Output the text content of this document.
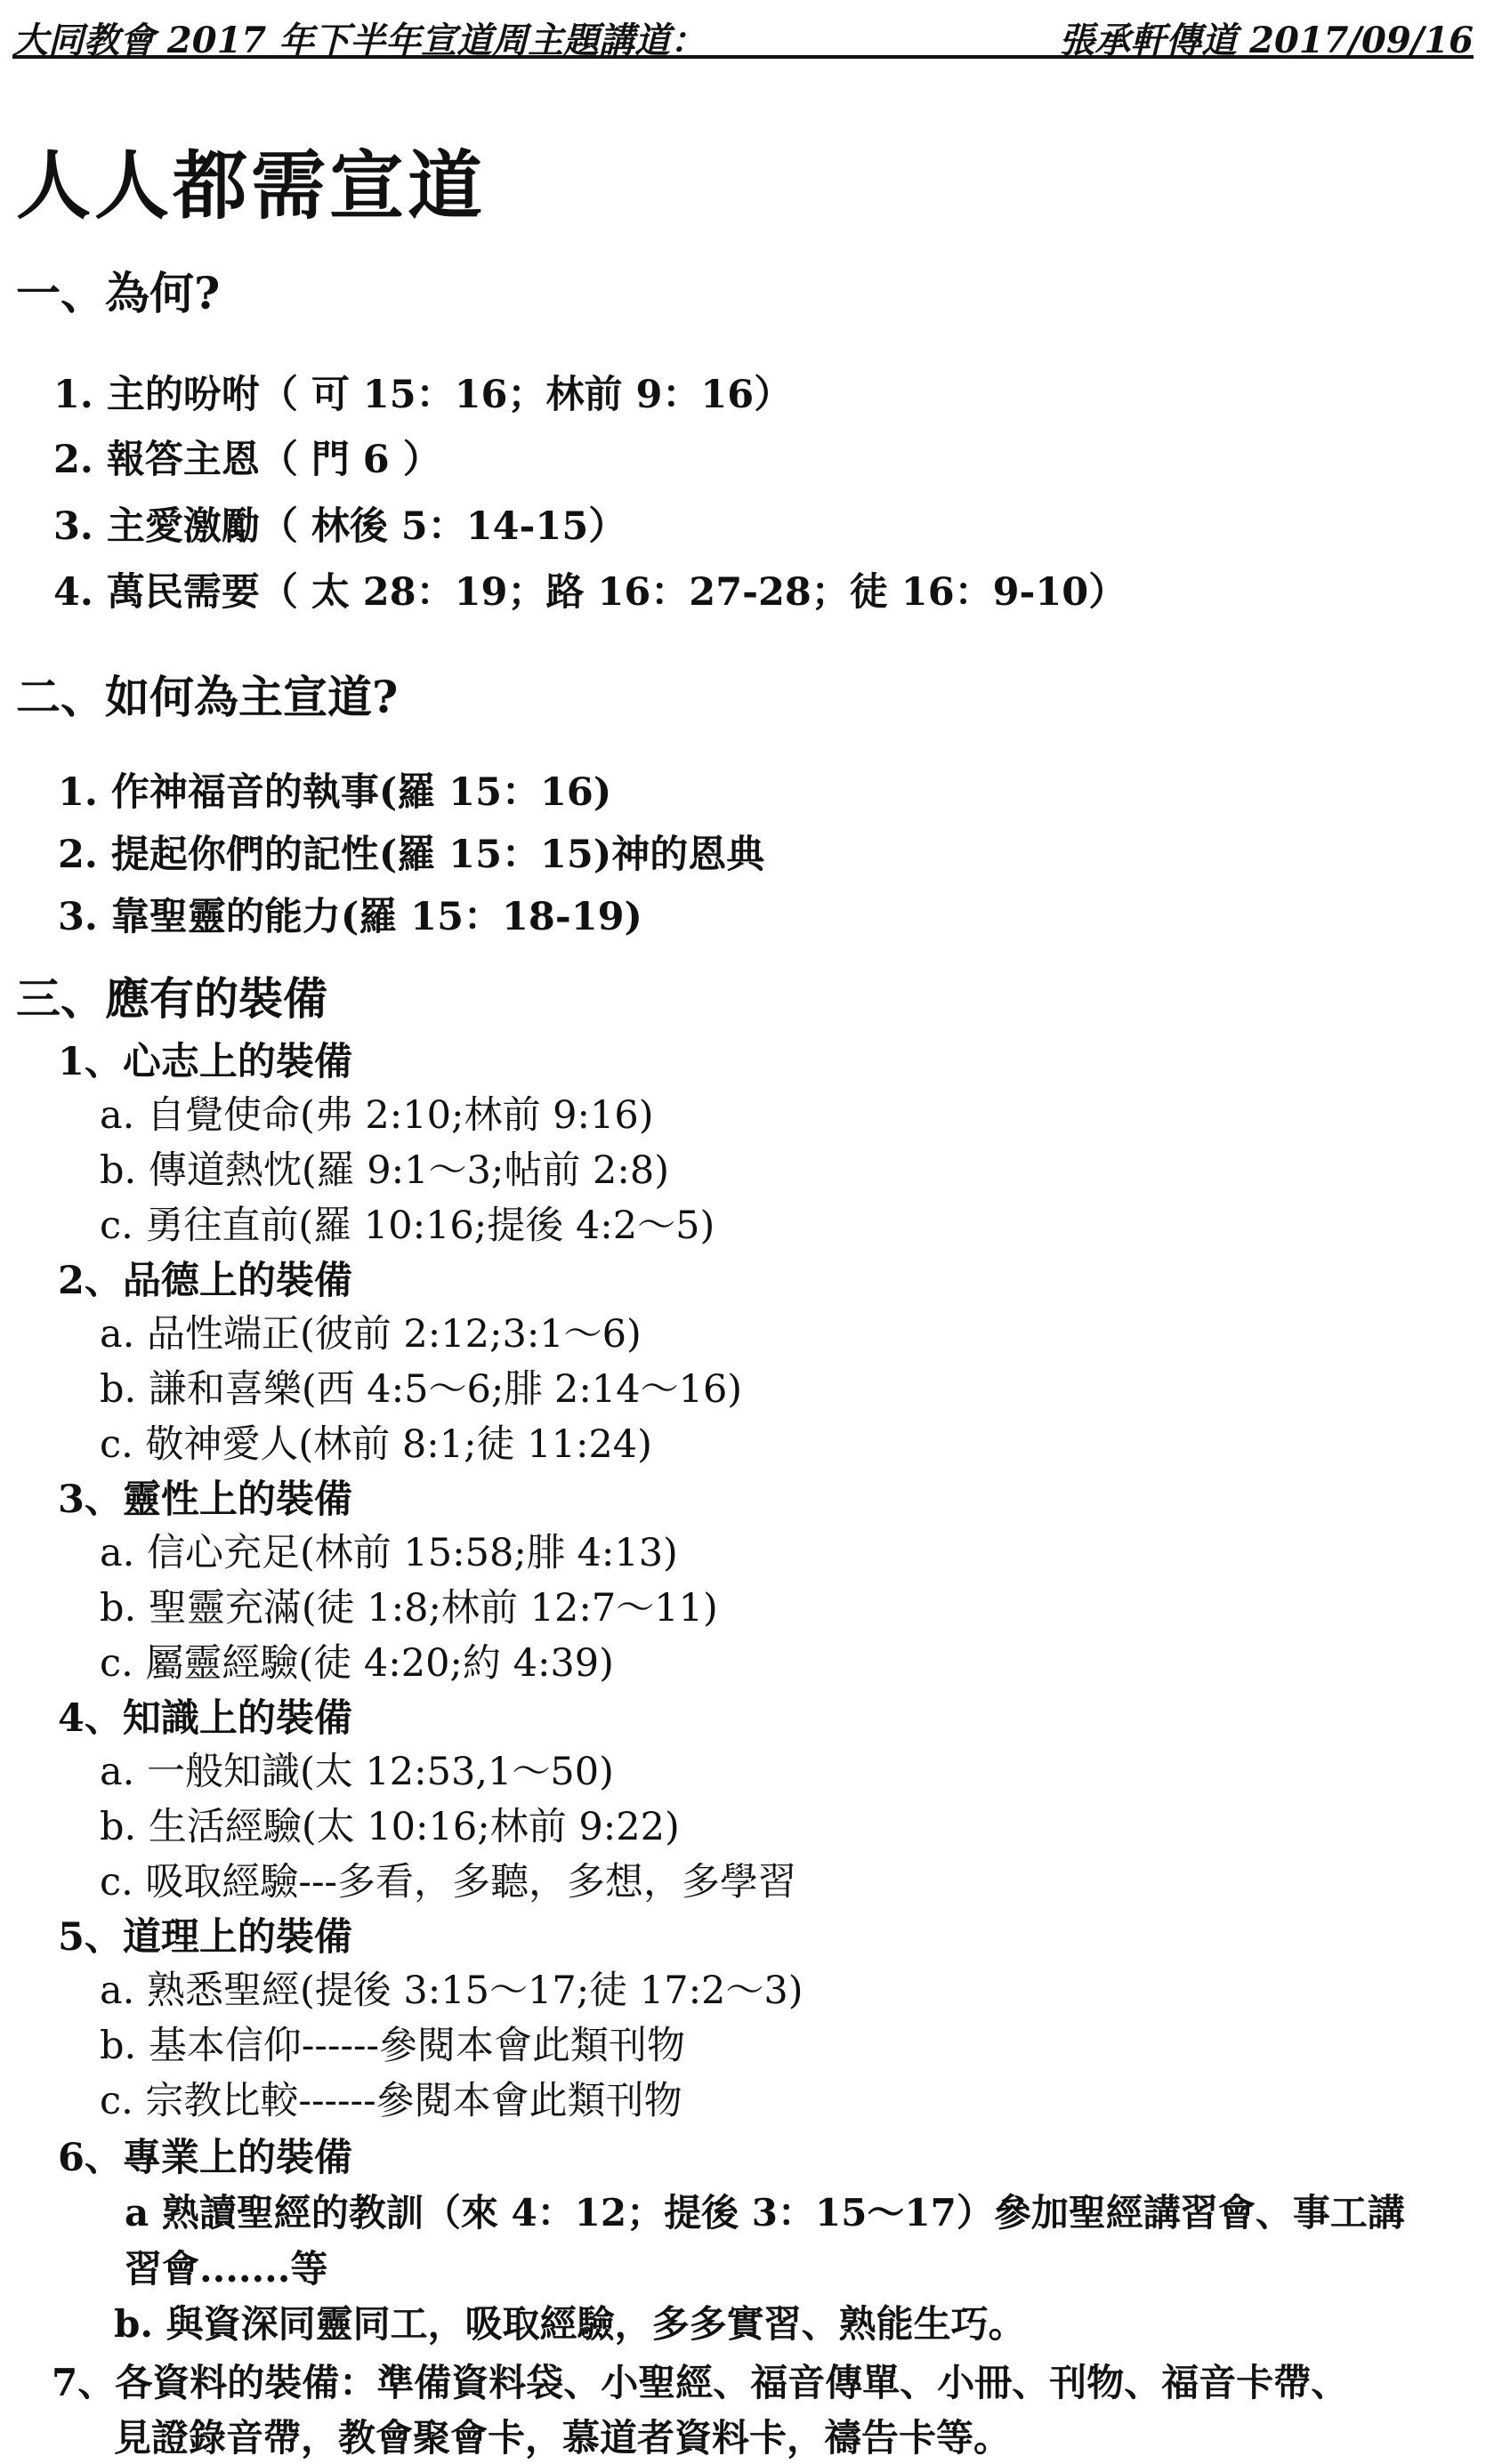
大同教會 2017 年下半年宣道周主題講道：	張承軒傳道 2017/09/16
人人都需宣道
一、為何?
1. 主的吩咐（ 可 15：16；林前 9：16）
2. 報答主恩（ 門 6 ）
3. 主愛激勵（ 林後 5：14-15）
4. 萬民需要（ 太 28：19；路 16：27-28；徒 16：9-10）
二、如何為主宣道?
1. 作神福音的執事(羅 15：16)
2. 提起你們的記性(羅 15：15)神的恩典
3. 靠聖靈的能力(羅 15：18-19)
三、應有的裝備
1、心志上的裝備
a. 自覺使命(弗 2:10;林前 9:16)
b. 傳道熱忱(羅 9:1～3;帖前 2:8)
c. 勇往直前(羅 10:16;提後 4:2～5)
2、品德上的裝備
a. 品性端正(彼前 2:12;3:1～6)
b. 謙和喜樂(西 4:5～6;腓 2:14～16)
c. 敬神愛人(林前 8:1;徒 11:24)
3、靈性上的裝備
a. 信心充足(林前 15:58;腓 4:13)
b. 聖靈充滿(徒 1:8;林前 12:7～11)
c. 屬靈經驗(徒 4:20;約 4:39)
4、知識上的裝備
a. 一般知識(太 12:53,1～50)
b. 生活經驗(太 10:16;林前 9:22)
c. 吸取經驗---多看，多聽，多想，多學習
5、道理上的裝備
a. 熟悉聖經(提後 3:15～17;徒 17:2～3)
b. 基本信仰------參閱本會此類刊物
c. 宗教比較------參閱本會此類刊物
6、專業上的裝備
a 熟讀聖經的教訓（來 4：12；提後 3：15～17）參加聖經講習會、事工講
習會.......等
b. 與資深同靈同工，吸取經驗，多多實習、熟能生巧。
7、各資料的裝備：準備資料袋、小聖經、福音傳單、小冊、刊物、福音卡帶、
見證錄音帶，教會聚會卡，慕道者資料卡，禱告卡等。
